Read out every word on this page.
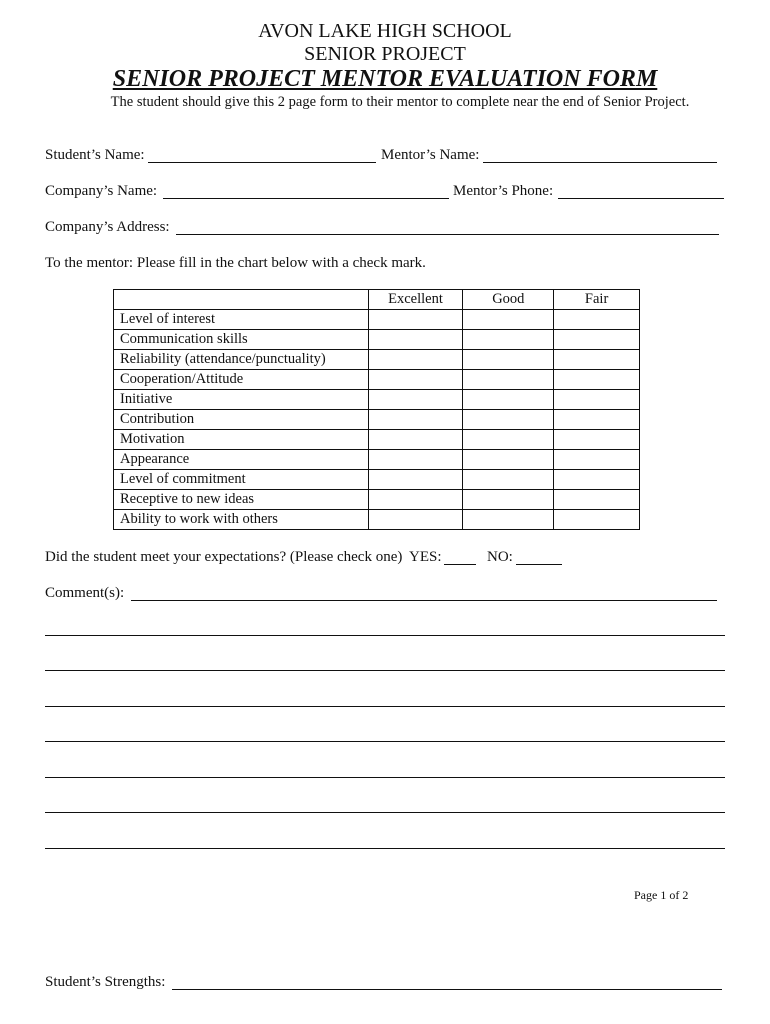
AVON LAKE HIGH SCHOOL
SENIOR PROJECT
SENIOR PROJECT MENTOR EVALUATION FORM
The student should give this 2 page form to their mentor to complete near the end of Senior Project.
Student’s Name:	Mentor’s Name:
Company’s Name:	Mentor’s Phone:
Company’s Address:
To the mentor: Please fill in the chart below with a check mark.
	Excellent	Good	Fair
Level of interest			
Communication skills			
Reliability (attendance/punctuality)			
Cooperation/Attitude			
Initiative			
Contribution			
Motivation			
Appearance			
Level of commitment			
Receptive to new ideas			
Ability to work with others			
Did the student meet your expectations? (Please check one) YES:	NO:
Comment(s):
Page 1 of 2
Student’s Strengths:
